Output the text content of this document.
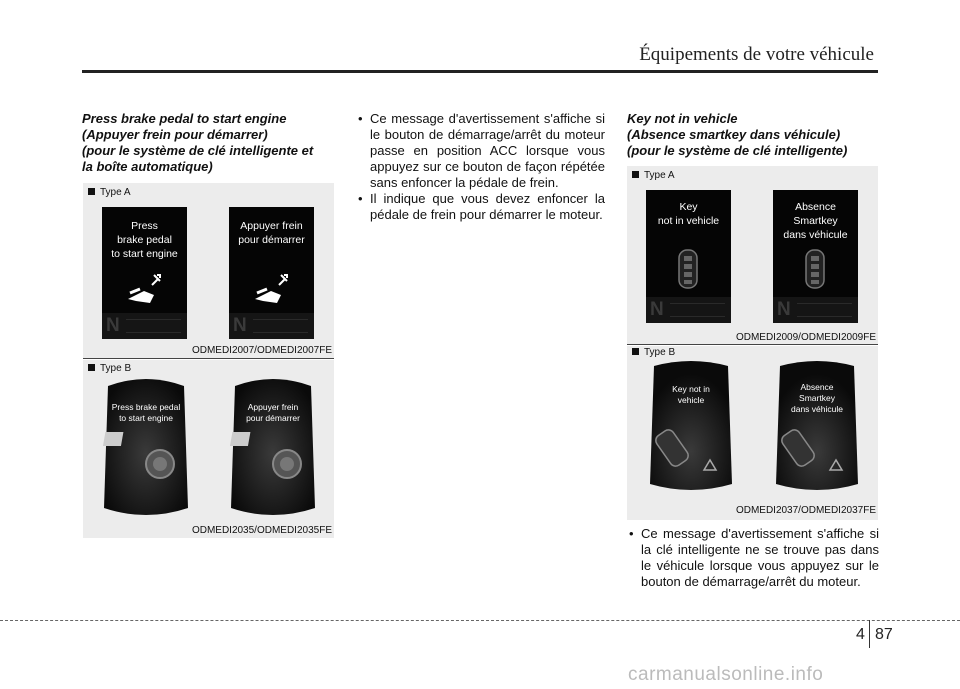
Équipements de votre véhicule
Press brake pedal to start engine
(Appuyer frein pour démarrer)
(pour le système de clé intelligente et
la boîte automatique)
Type A
Press
brake pedal
to start engine
N
Appuyer frein
pour démarrer
N
ODMEDI2007/ODMEDI2007FE
Type B
Press brake pedal
to start engine
Appuyer frein
pour démarrer
ODMEDI2035/ODMEDI2035FE
• Ce message d'avertissement s'affiche si le bouton de démarrage/arrêt du moteur passe en position ACC lorsque vous appuyez sur ce bouton de façon répétée sans enfoncer la pédale de frein.
• Il indique que vous devez enfoncer la pédale de frein pour démarrer le moteur.
Key not in vehicle
(Absence smartkey dans véhicule)
(pour le système de clé intelligente)
Type A
Key
not in vehicle
N
Absence
Smartkey
dans véhicule
N
ODMEDI2009/ODMEDI2009FE
Type B
Key not in
vehicle
Absence
Smartkey
dans véhicule
ODMEDI2037/ODMEDI2037FE
• Ce message d'avertissement s'affiche si la clé intelligente ne se trouve pas dans le véhicule lorsque vous appuyez sur le bouton de démarrage/arrêt du moteur.
4 87
carmanualsonline.info
